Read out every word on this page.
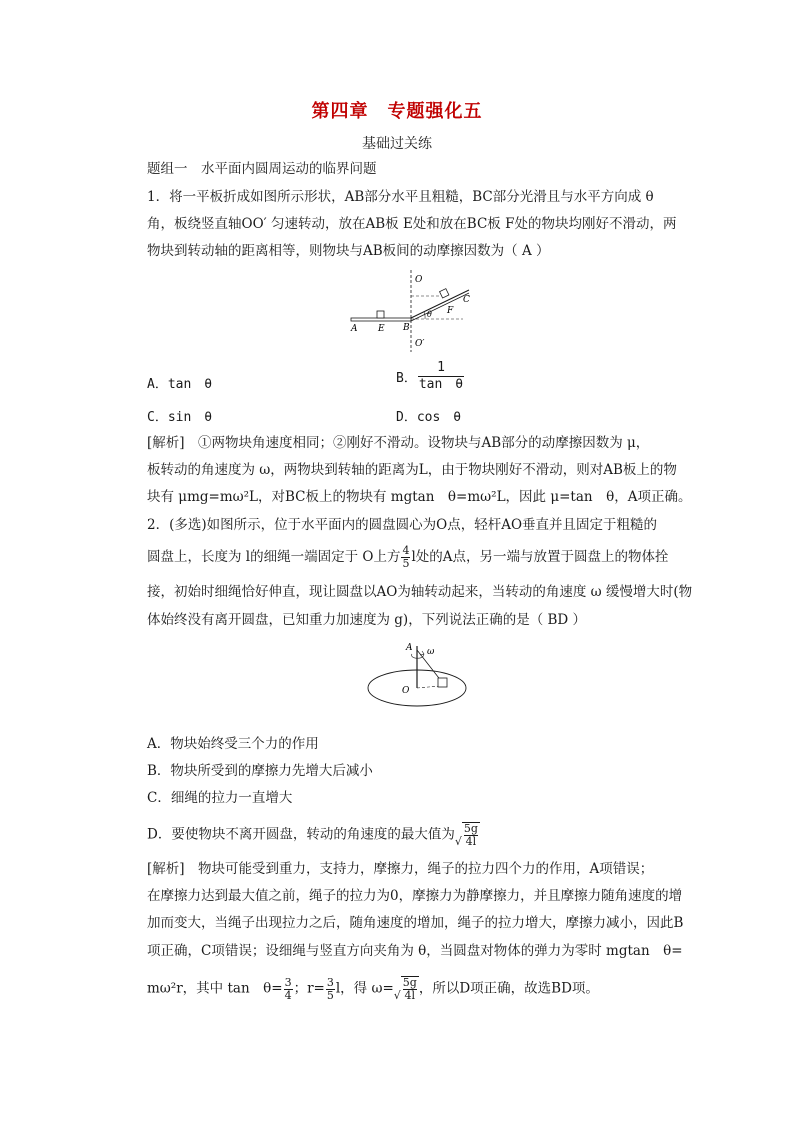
第四章　专题强化五
基础过关练
题组一　水平面内圆周运动的临界问题
1．将一平板折成如图所示形状，AB部分水平且粗糙，BC部分光滑且与水平方向成 θ
角，板绕竖直轴OO′ 匀速转动，放在AB板 E处和放在BC板 F处的物块均刚好不滑动，两
物块到转动轴的距离相等，则物块与AB板间的动摩擦因数为（ A ）
O
O′
A E B
θ F
C
A．tan　θ	B． $\frac{1}{\text{tan　θ}}$
C．sin　θ	D．cos　θ
[解析]　①两物块角速度相同；②刚好不滑动。设物块与AB部分的动摩擦因数为 μ，
板转动的角速度为 ω，两物块到转轴的距离为L，由于物块刚好不滑动，则对AB板上的物
块有 μmg=mω²L，对BC板上的物块有 mgtan　θ=mω²L，因此 μ=tan　θ，A项正确。
2．(多选)如图所示，位于水平面内的圆盘圆心为O点，轻杆AO垂直并且固定于粗糙的
圆盘上，长度为 l的细绳一端固定于 O上方 $\frac{4}{5}$ l处的A点，另一端与放置于圆盘上的物体拴
接，初始时细绳恰好伸直，现让圆盘以AO为轴转动起来，当转动的角速度 ω 缓慢增大时(物
体始终没有离开圆盘，已知重力加速度为 g)，下列说法正确的是（ BD ）
A ω
O
A．物块始终受三个力的作用
B．物块所受到的摩擦力先增大后减小
C．细绳的拉力一直增大
D．要使物块不离开圆盘，转动的角速度的最大值为√ $\frac{5g}{4l}$
[解析]　物块可能受到重力，支持力，摩擦力，绳子的拉力四个力的作用，A项错误；
在摩擦力达到最大值之前，绳子的拉力为0，摩擦力为静摩擦力，并且摩擦力随角速度的增
加而变大，当绳子出现拉力之后，随角速度的增加，绳子的拉力增大，摩擦力减小，因此B
项正确，C项错误；设细绳与竖直方向夹角为 θ，当圆盘对物体的弹力为零时 mgtan　θ=
mω²r，其中 tan　$\theta= \frac{3}{4}$ ；$r= \frac{3}{5}$ l，得 $\omega=√ \frac{5g}{4l}$ ，所以D项正确，故选BD项。
